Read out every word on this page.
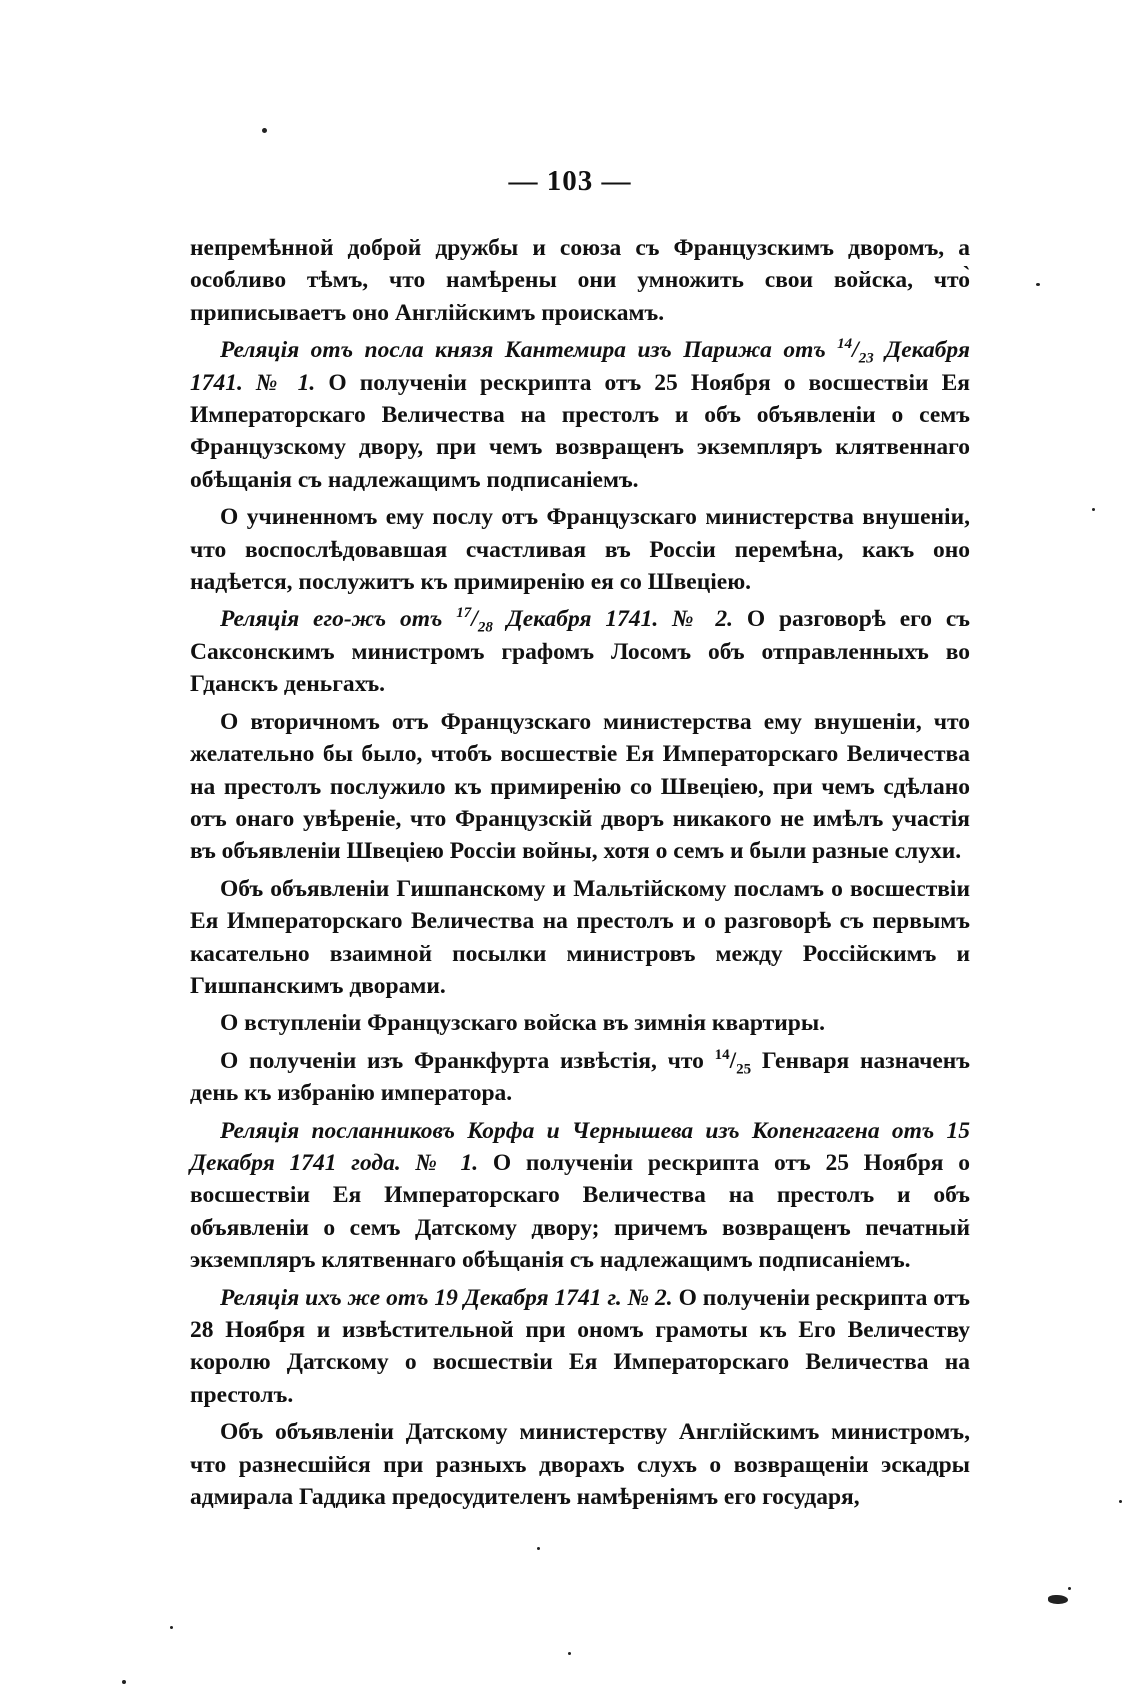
— 103 —

непремѣнной доброй дружбы и союза съ Французскимъ дворомъ, а особливо тѣмъ, что намѣрены они умножить свои войска, что̀ приписываетъ оно Англійскимъ проискамъ.

Реляція отъ посла князя Кантемира изъ Парижа отъ $^{14}/_{23}$ Декабря 1741. № 1. О полученіи рескрипта отъ 25 Ноября о восшествіи Ея Императорскаго Величества на престолъ и объ объявленіи о семъ Французскому двору, при чемъ возвращенъ экземпляръ клятвеннаго обѣщанія съ надлежащимъ подписаніемъ.

О учиненномъ ему послу отъ Французскаго министерства внушеніи, что воспослѣдовавшая счастливая въ Россіи перемѣна, какъ оно надѣется, послужитъ къ примиренію ея со Швеціею.

Реляція его-жъ отъ $^{17}/_{28}$ Декабря 1741. № 2. О разговорѣ его съ Саксонскимъ министромъ графомъ Лосомъ объ отправленныхъ во Гданскъ деньгахъ.

О вторичномъ отъ Французскаго министерства ему внушеніи, что желательно бы было, чтобъ восшествіе Ея Императорскаго Величества на престолъ послужило къ примиренію со Швеціею, при чемъ сдѣлано отъ онаго увѣреніе, что Французскій дворъ никакого не имѣлъ участія въ объявленіи Швеціею Россіи войны, хотя о семъ и были разные слухи.

Объ объявленіи Гишпанскому и Мальтійскому посламъ о восшествіи Ея Императорскаго Величества на престолъ и о разговорѣ съ первымъ касательно взаимной посылки министровъ между Россійскимъ и Гишпанскимъ дворами.

О вступленіи Французскаго войска въ зимнія квартиры.

О полученіи изъ Франкфурта извѣстія, что $^{14}/_{25}$ Генваря назначенъ день къ избранію императора.

Реляція посланниковъ Корфа и Чернышева изъ Копенгагена отъ 15 Декабря 1741 года. № 1. О полученіи рескрипта отъ 25 Ноября о восшествіи Ея Императорскаго Величества на престолъ и объ объявленіи о семъ Датскому двору; причемъ возвращенъ печатный экземпляръ клятвеннаго обѣщанія съ надлежащимъ подписаніемъ.

Реляція ихъ же отъ 19 Декабря 1741 г. № 2. О полученіи рескрипта отъ 28 Ноября и извѣстительной при ономъ грамоты къ Его Величеству королю Датскому о восшествіи Ея Императорскаго Величества на престолъ.

Объ объявленіи Датскому министерству Англійскимъ министромъ, что разнесшійся при разныхъ дворахъ слухъ о возвращеніи эскадры адмирала Гаддика предосудителенъ намѣреніямъ его государя,
